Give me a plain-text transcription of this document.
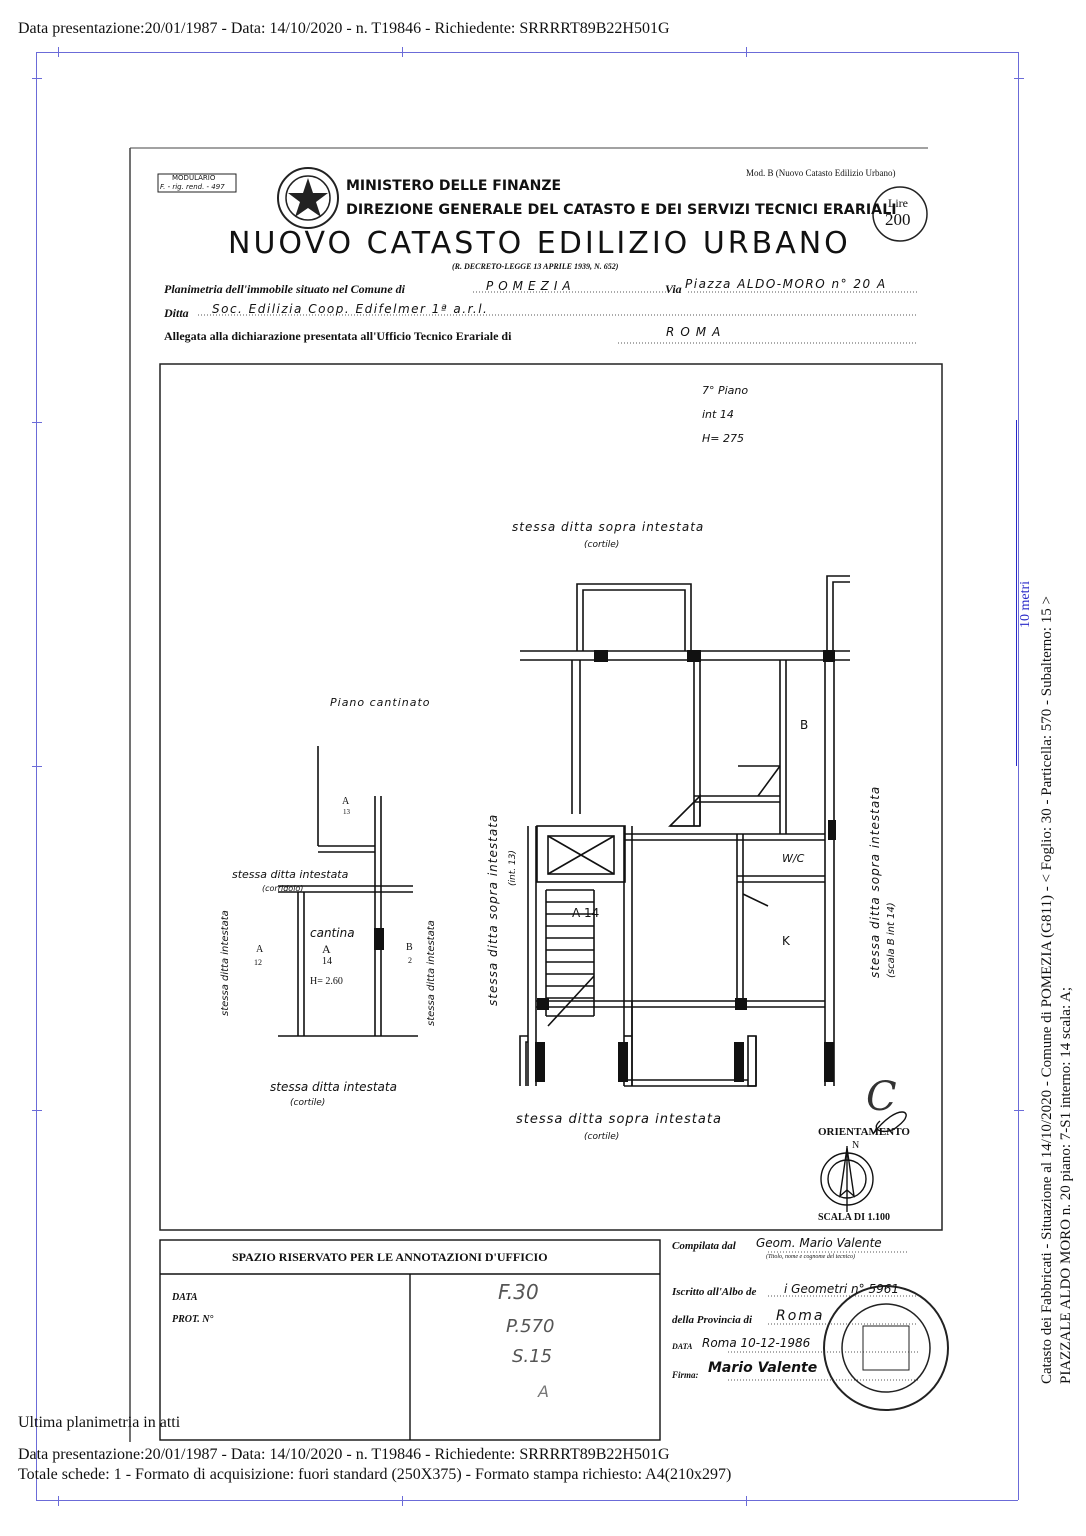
Data presentazione:20/01/1987 - Data: 14/10/2020 - n. T19846 - Richiedente: SRRRRT89B22H501G
10 metri
MODULARIO
F. - rig. rend. - 497
Mod. B (Nuovo Catasto Edilizio Urbano)
MINISTERO DELLE FINANZE
DIREZIONE GENERALE DEL CATASTO E DEI SERVIZI TECNICI ERARIALI
NUOVO CATASTO EDILIZIO URBANO
(R. DECRETO-LEGGE 13 APRILE 1939, N. 652)
Lire
200
Planimetria dell'immobile situato nel Comune di	POMEZIA	Via Piazza ALDO-MORO n° 20 A
Ditta Soc. Edilizia Coop. Edifelmer 1ª a.r.l.
Allegata alla dichiarazione presentata all'Ufficio Tecnico Erariale di	ROMA
7° Piano
int 14
H= 275
stessa ditta sopra intestata
(cortile)
stessa ditta sopra intestata (int. 13)	stessa ditta sopra intestata (scala B int 14)
stessa ditta sopra intestata
(cortile)
B
W/C
K
A 14
Piano cantinato
A
13
stessa ditta intestata
(corridoio)
cantina
A
14
H= 2.60
A
12
B
2
stessa ditta intestata	stessa ditta intestata
stessa ditta intestata
(cortile)	C
ORIENTAMENTO
N
SCALA DI 1.100
SPAZIO RISERVATO PER LE ANNOTAZIONI D'UFFICIO
DATA
PROT. N°
F.30
P.570
S.15
A
Compilata dal Geom. Mario Valente
(Titolo, nome e cognome del tecnico)
Iscritto all'Albo de i Geometri n° 5961
della Provincia di Roma
DATA Roma 10-12-1986
Firma: Mario Valente
Ultima planimetria in atti
Data presentazione:20/01/1987 - Data: 14/10/2020 - n. T19846 - Richiedente: SRRRRT89B22H501G
Totale schede: 1 - Formato di acquisizione: fuori standard (250X375) - Formato stampa richiesto: A4(210x297)
Catasto dei Fabbricati - Situazione al 14/10/2020 - Comune di POMEZIA (G811) - < Foglio: 30 - Particella: 570 - Subalterno: 15 > PIAZZALE ALDO MORO n. 20 piano: 7-S1 interno: 14 scala: A;
